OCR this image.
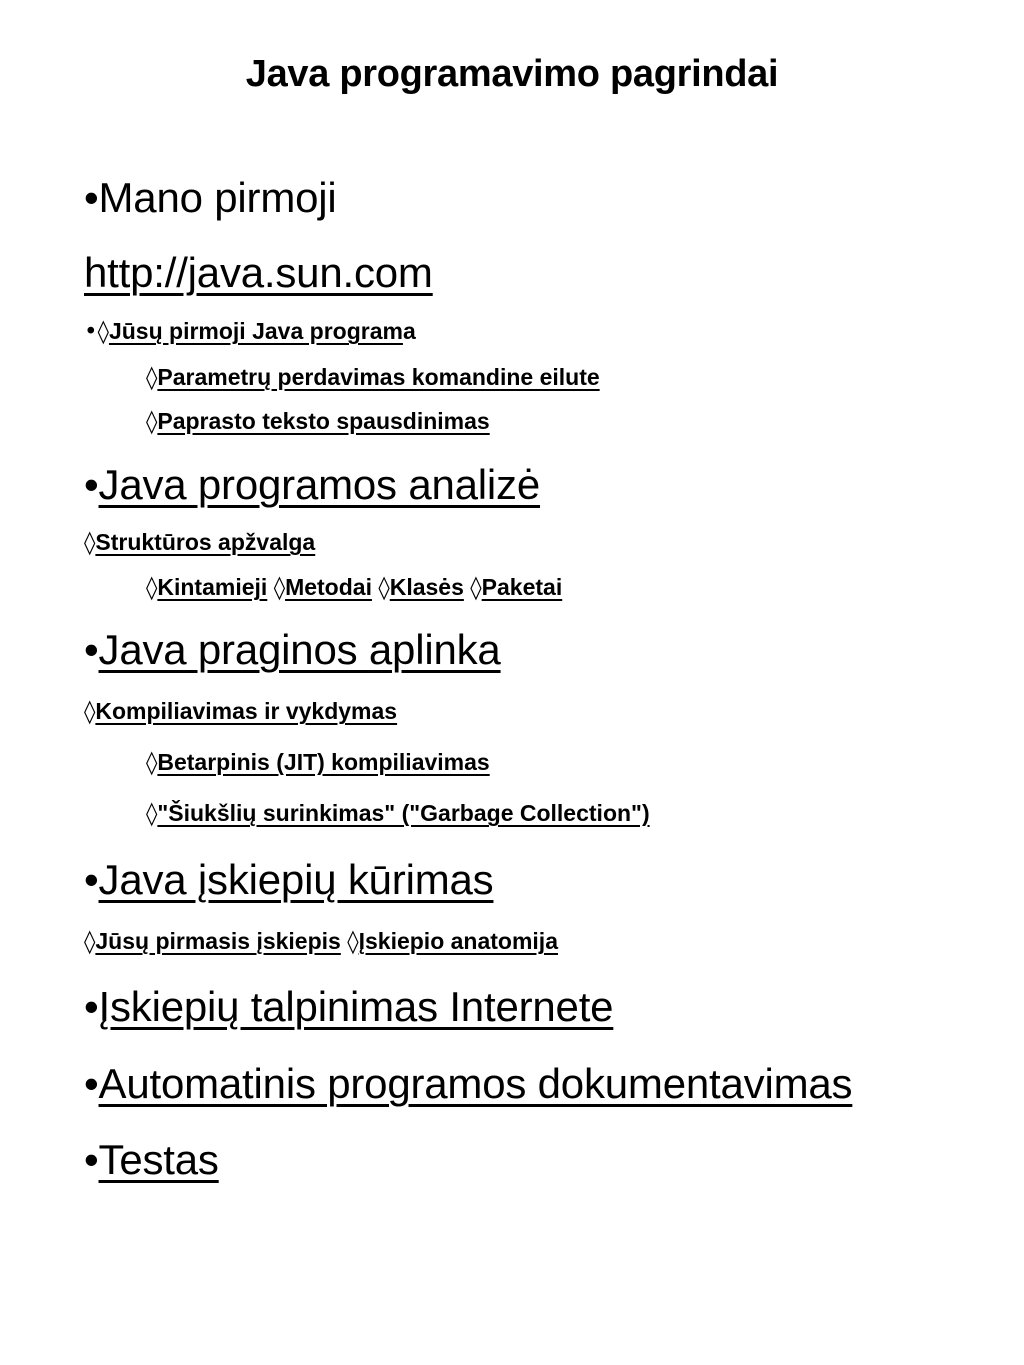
Java programavimo pagrindai
•Mano pirmoji
http://java.sun.com
•◊Jūsų pirmoji Java programa
◊Parametrų perdavimas komandine eilute
◊Paprasto teksto spausdinimas
•Java programos analizė
◊Struktūros apžvalga
◊Kintamieji ◊Metodai ◊Klasės ◊Paketai
•Java praginos aplinka
◊Kompiliavimas ir vykdymas
◊Betarpinis (JIT) kompiliavimas
◊"Šiukšlių surinkimas" ("Garbage Collection")
•Java įskiepių kūrimas
◊Jūsų pirmasis įskiepis ◊Įskiepio anatomija
•Įskiepių talpinimas Internete
•Automatinis programos dokumentavimas
•Testas
